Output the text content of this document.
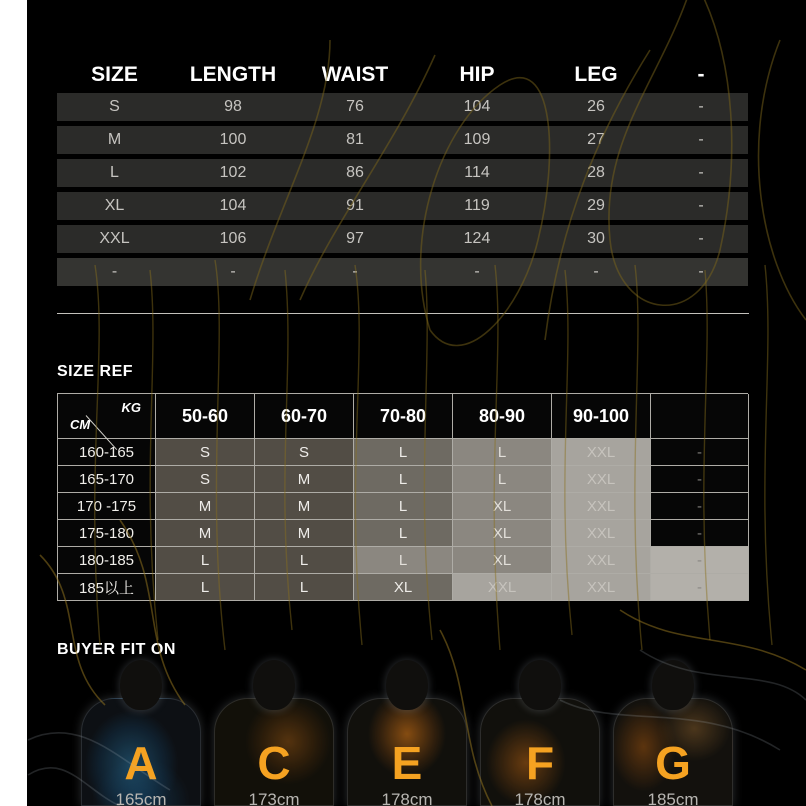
SIZE	LENGTH	WAIST	HIP	LEG	-
S	98	76	104	26	-
M	100	81	109	27	-
L	102	86	114	28	-
XL	104	91	119	29	-
XXL	106	97	124	30	-
-	-	-	-	-	-
SIZE REF
KG
CM	50-60	60-70	70-80	80-90	90-100
160-165	S	S	L	L	XXL	-
165-170	S	M	L	L	XXL	-
170 -175	M	M	L	XL	XXL	-
175-180	M	M	L	XL	XXL	-
180-185	L	L	L	XL	XXL	-
185以上	L	L	XL	XXL	XXL	-
BUYER FIT ON
A
165cm
C
173cm
E
178cm
F
178cm
G
185cm
